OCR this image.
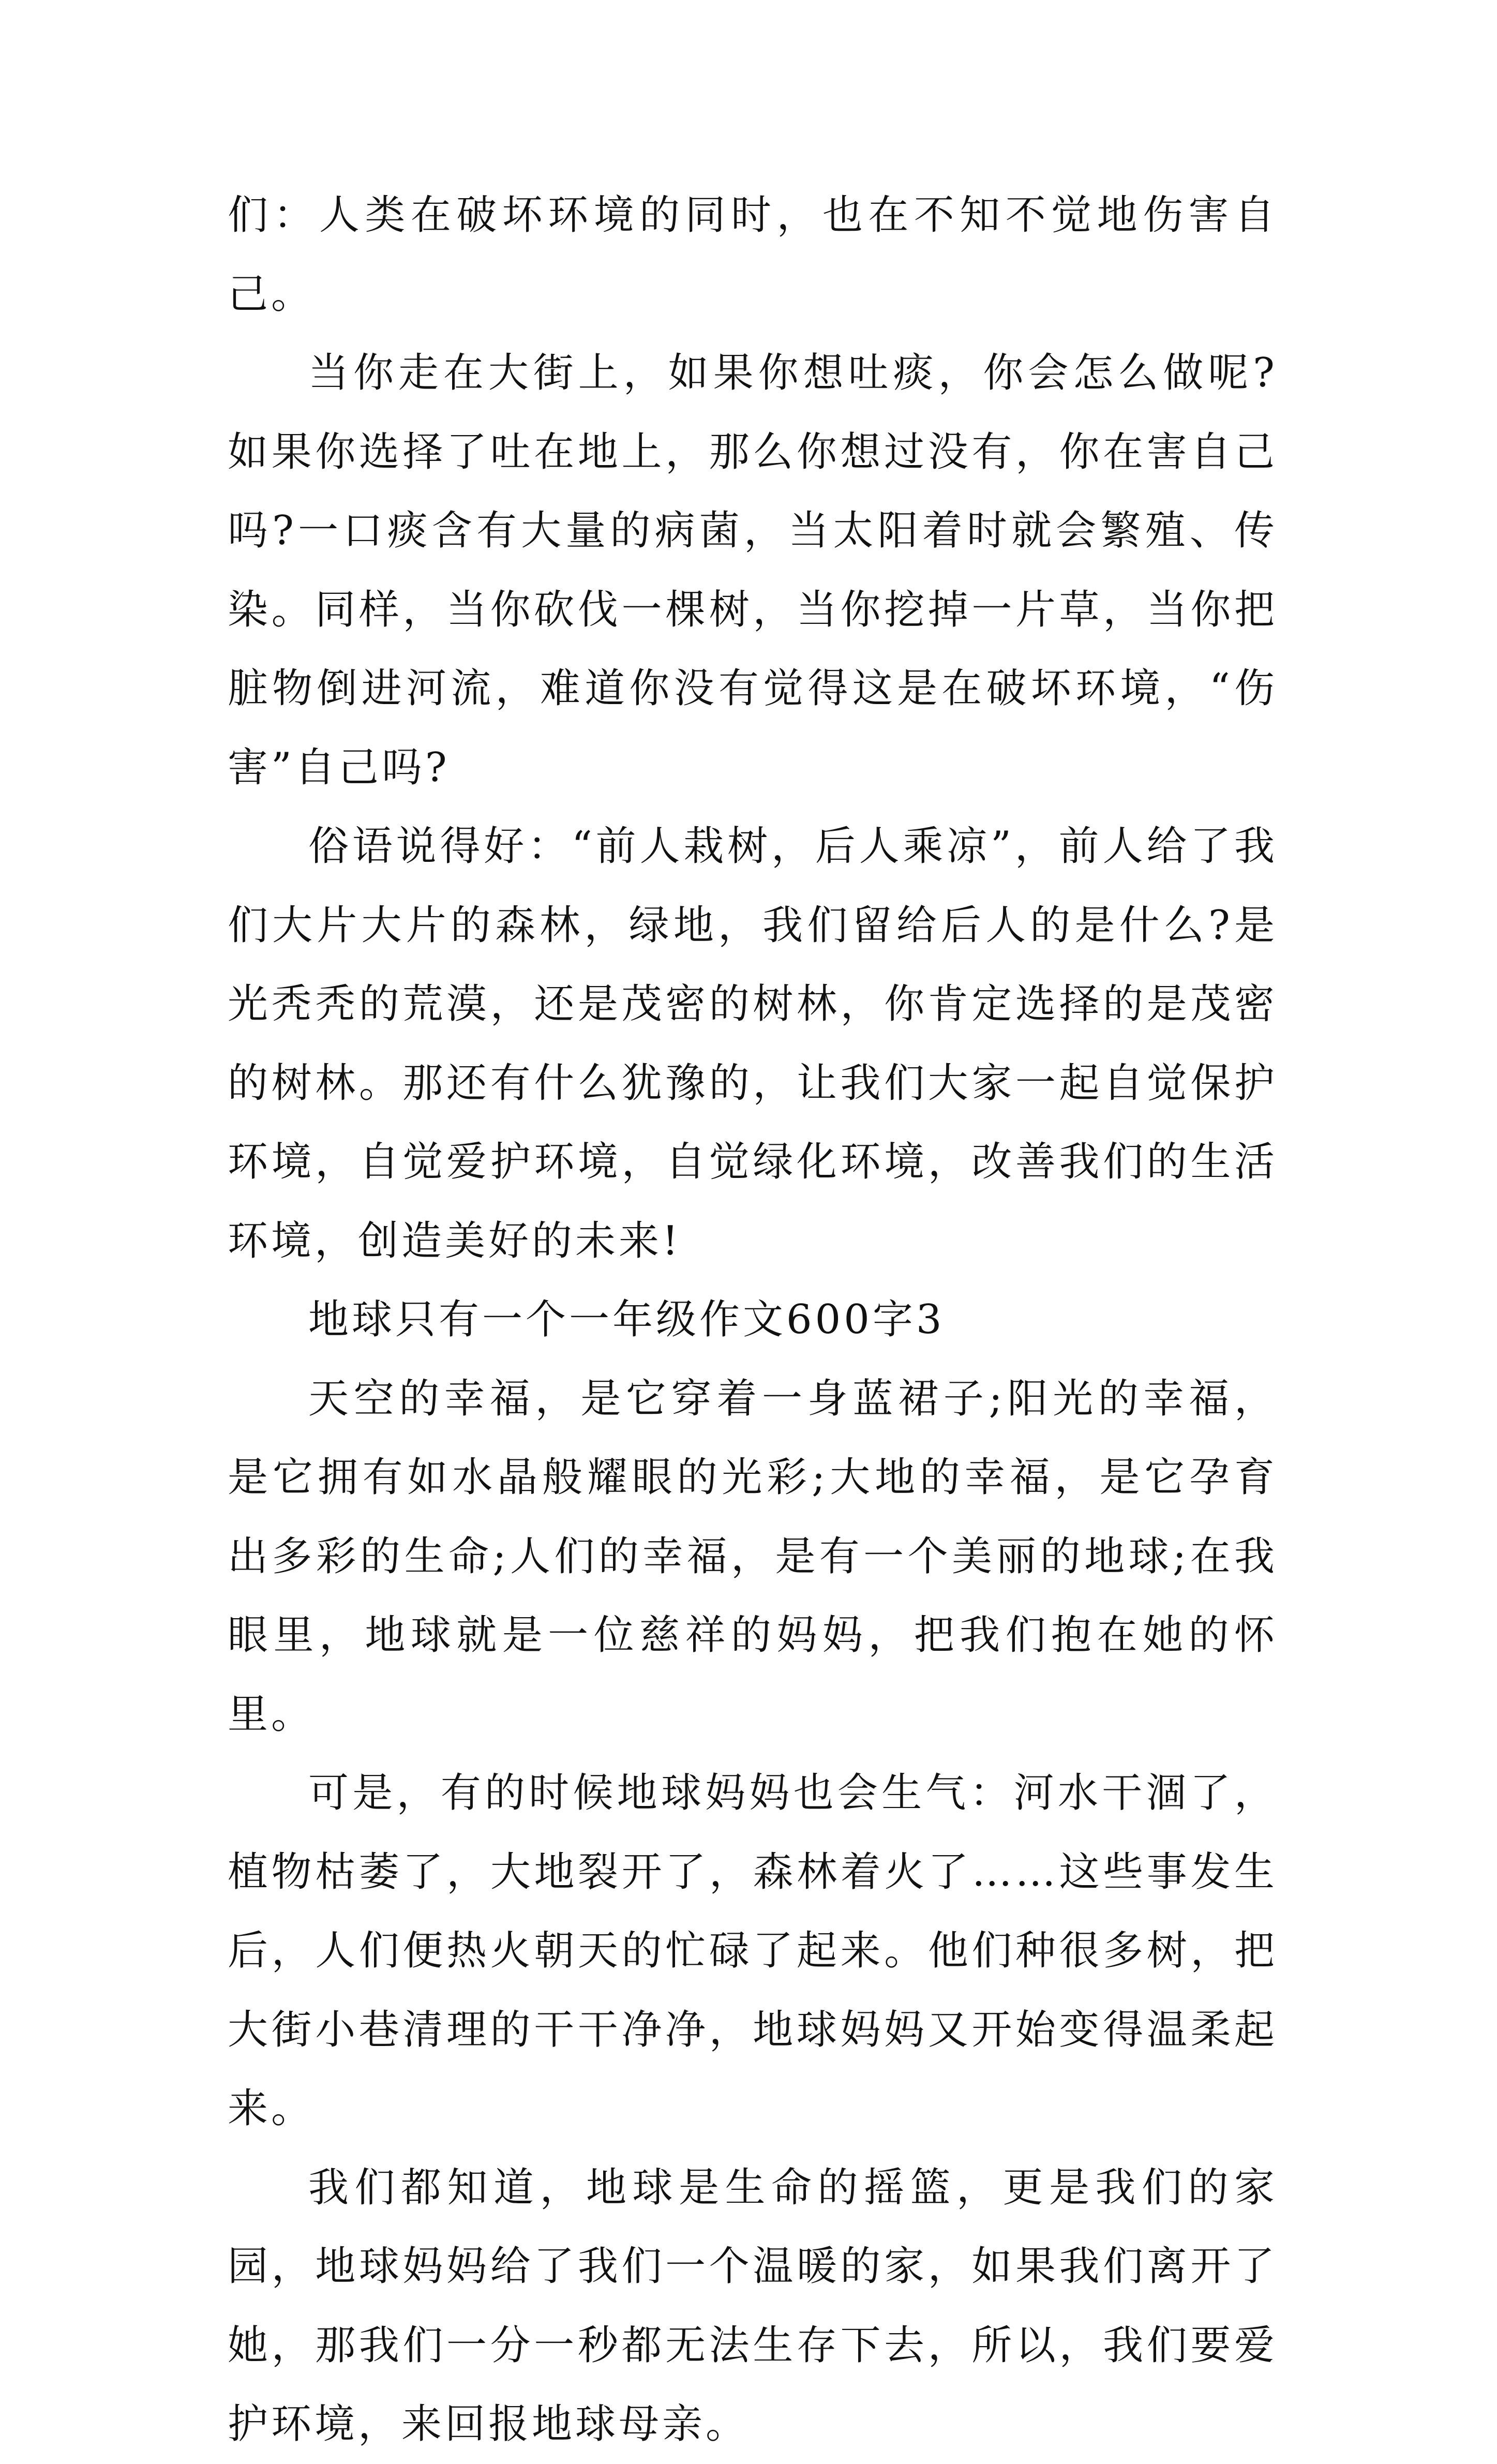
们：人类在破坏环境的同时，也在不知不觉地伤害自己。

当你走在大街上，如果你想吐痰，你会怎么做呢?如果你选择了吐在地上，那么你想过没有，你在害自己吗?一口痰含有大量的病菌，当太阳着时就会繁殖、传染。同样，当你砍伐一棵树，当你挖掉一片草，当你把脏物倒进河流，难道你没有觉得这是在破坏环境，“伤害”自己吗?

俗语说得好：“前人栽树，后人乘凉”，前人给了我们大片大片的森林，绿地，我们留给后人的是什么?是光秃秃的荒漠，还是茂密的树林，你肯定选择的是茂密的树林。那还有什么犹豫的，让我们大家一起自觉保护环境，自觉爱护环境，自觉绿化环境，改善我们的生活环境，创造美好的未来!

地球只有一个一年级作文600字3

天空的幸福，是它穿着一身蓝裙子;阳光的幸福，是它拥有如水晶般耀眼的光彩;大地的幸福，是它孕育出多彩的生命;人们的幸福，是有一个美丽的地球;在我眼里，地球就是一位慈祥的妈妈，把我们抱在她的怀里。

可是，有的时候地球妈妈也会生气：河水干涸了，植物枯萎了，大地裂开了，森林着火了……这些事发生后，人们便热火朝天的忙碌了起来。他们种很多树，把大街小巷清理的干干净净，地球妈妈又开始变得温柔起来。

我们都知道，地球是生命的摇篮，更是我们的家园，地球妈妈给了我们一个温暖的家，如果我们离开了她，那我们一分一秒都无法生存下去，所以，我们要爱护环境，来回报地球母亲。
